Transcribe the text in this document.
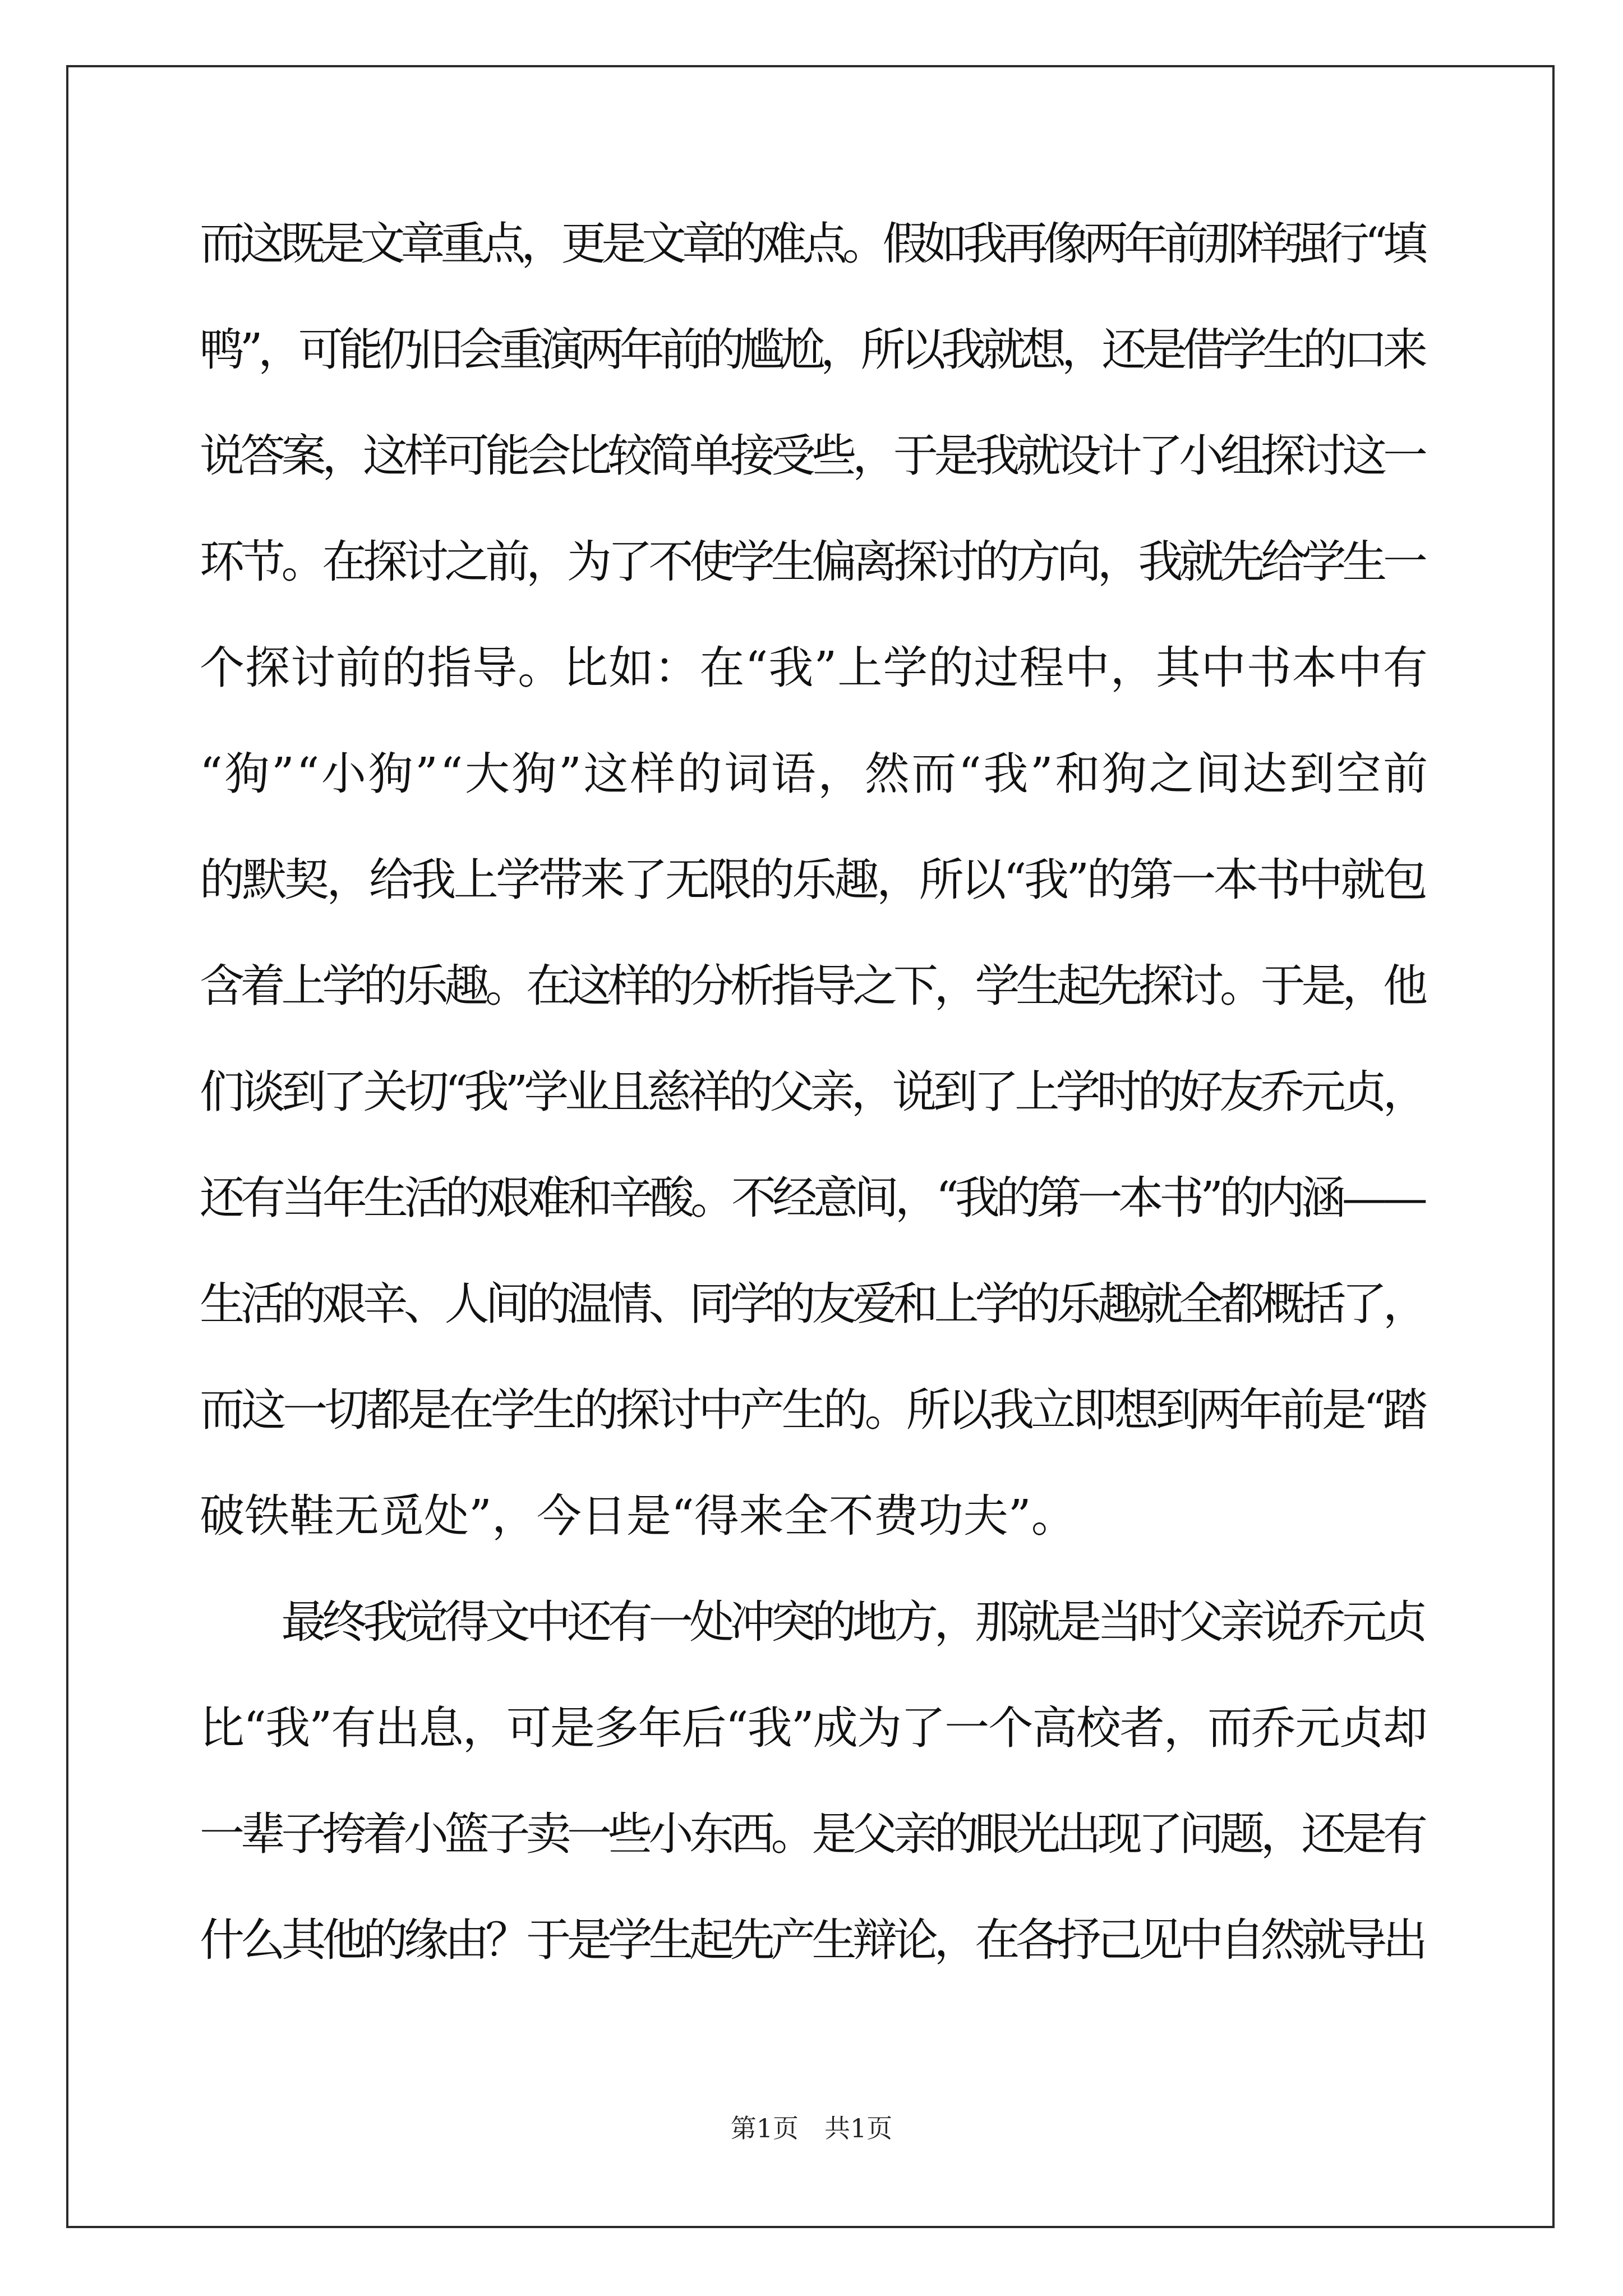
而这既是文章重点，更是文章的难点。假如我再像两年前那样强行“填
鸭”，可能仍旧会重演两年前的尴尬，所以我就想，还是借学生的口来
说答案，这样可能会比较简单接受些，于是我就设计了小组探讨这一
环节。在探讨之前，为了不使学生偏离探讨的方向，我就先给学生一
个探讨前的指导。比如：在“我”上学的过程中，其中书本中有
“狗”“小狗”“大狗”这样的词语，然而“我”和狗之间达到空前
的默契，给我上学带来了无限的乐趣，所以“我”的第一本书中就包
含着上学的乐趣。在这样的分析指导之下，学生起先探讨。于是，他
们谈到了关切“我”学业且慈祥的父亲，说到了上学时的好友乔元贞，
还有当年生活的艰难和辛酸。不经意间，“我的第一本书”的内涵——
生活的艰辛、人间的温情、同学的友爱和上学的乐趣就全都概括了，
而这一切都是在学生的探讨中产生的。所以我立即想到两年前是“踏
破铁鞋无觅处”，今日是“得来全不费功夫”。
　　最终我觉得文中还有一处冲突的地方，那就是当时父亲说乔元贞
比“我”有出息，可是多年后“我”成为了一个高校者，而乔元贞却
一辈子挎着小篮子卖一些小东西。是父亲的眼光出现了问题，还是有
什么其他的缘由？于是学生起先产生辩论，在各抒己见中自然就导出
第1页　共1页
